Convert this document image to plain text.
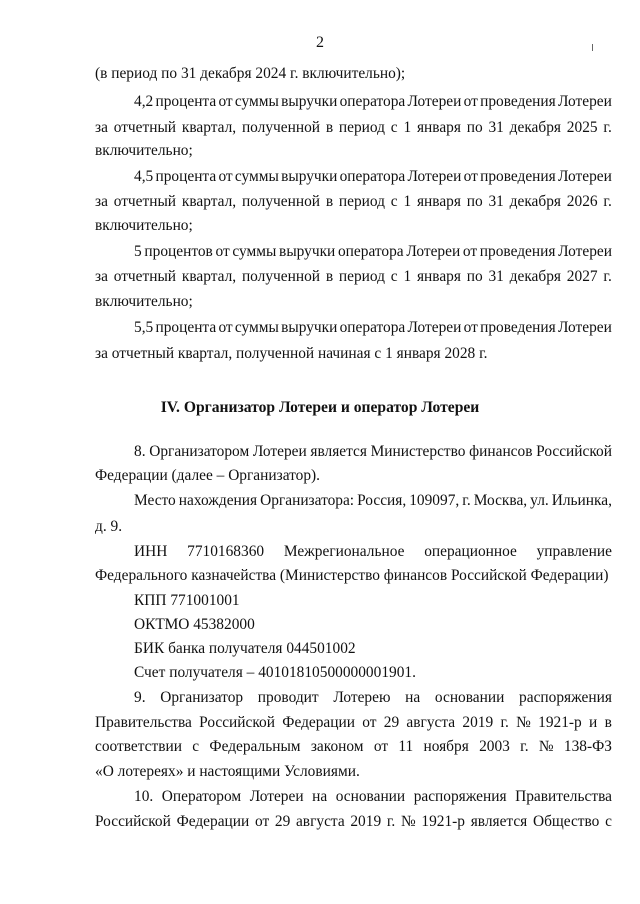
2
(в период по 31 декабря 2024 г. включительно);
4,2 процента от суммы выручки оператора Лотереи от проведения Лотереи
за отчетный квартал, полученной в период с 1 января по 31 декабря 2025 г.
включительно;
4,5 процента от суммы выручки оператора Лотереи от проведения Лотереи
за отчетный квартал, полученной в период с 1 января по 31 декабря 2026 г.
включительно;
5 процентов от суммы выручки оператора Лотереи от проведения Лотереи
за отчетный квартал, полученной в период с 1 января по 31 декабря 2027 г.
включительно;
5,5 процента от суммы выручки оператора Лотереи от проведения Лотереи
за отчетный квартал, полученной начиная с 1 января 2028 г.
IV. Организатор Лотереи и оператор Лотереи
8. Организатором Лотереи является Министерство финансов Российской
Федерации (далее – Организатор).
Место нахождения Организатора: Россия, 109097, г. Москва, ул. Ильинка,
д. 9.
ИНН 7710168360 Межрегиональное операционное управление
Федерального казначейства (Министерство финансов Российской Федерации)
КПП 771001001
ОКТМО 45382000
БИК банка получателя 044501002
Счет получателя – 40101810500000001901.
9. Организатор проводит Лотерею на основании распоряжения
Правительства Российской Федерации от 29 августа 2019 г. № 1921-р и в
соответствии с Федеральным законом от 11 ноября 2003 г. № 138-ФЗ
«О лотереях» и настоящими Условиями.
10. Оператором Лотереи на основании распоряжения Правительства
Российской Федерации от 29 августа 2019 г. № 1921-р является Общество с
